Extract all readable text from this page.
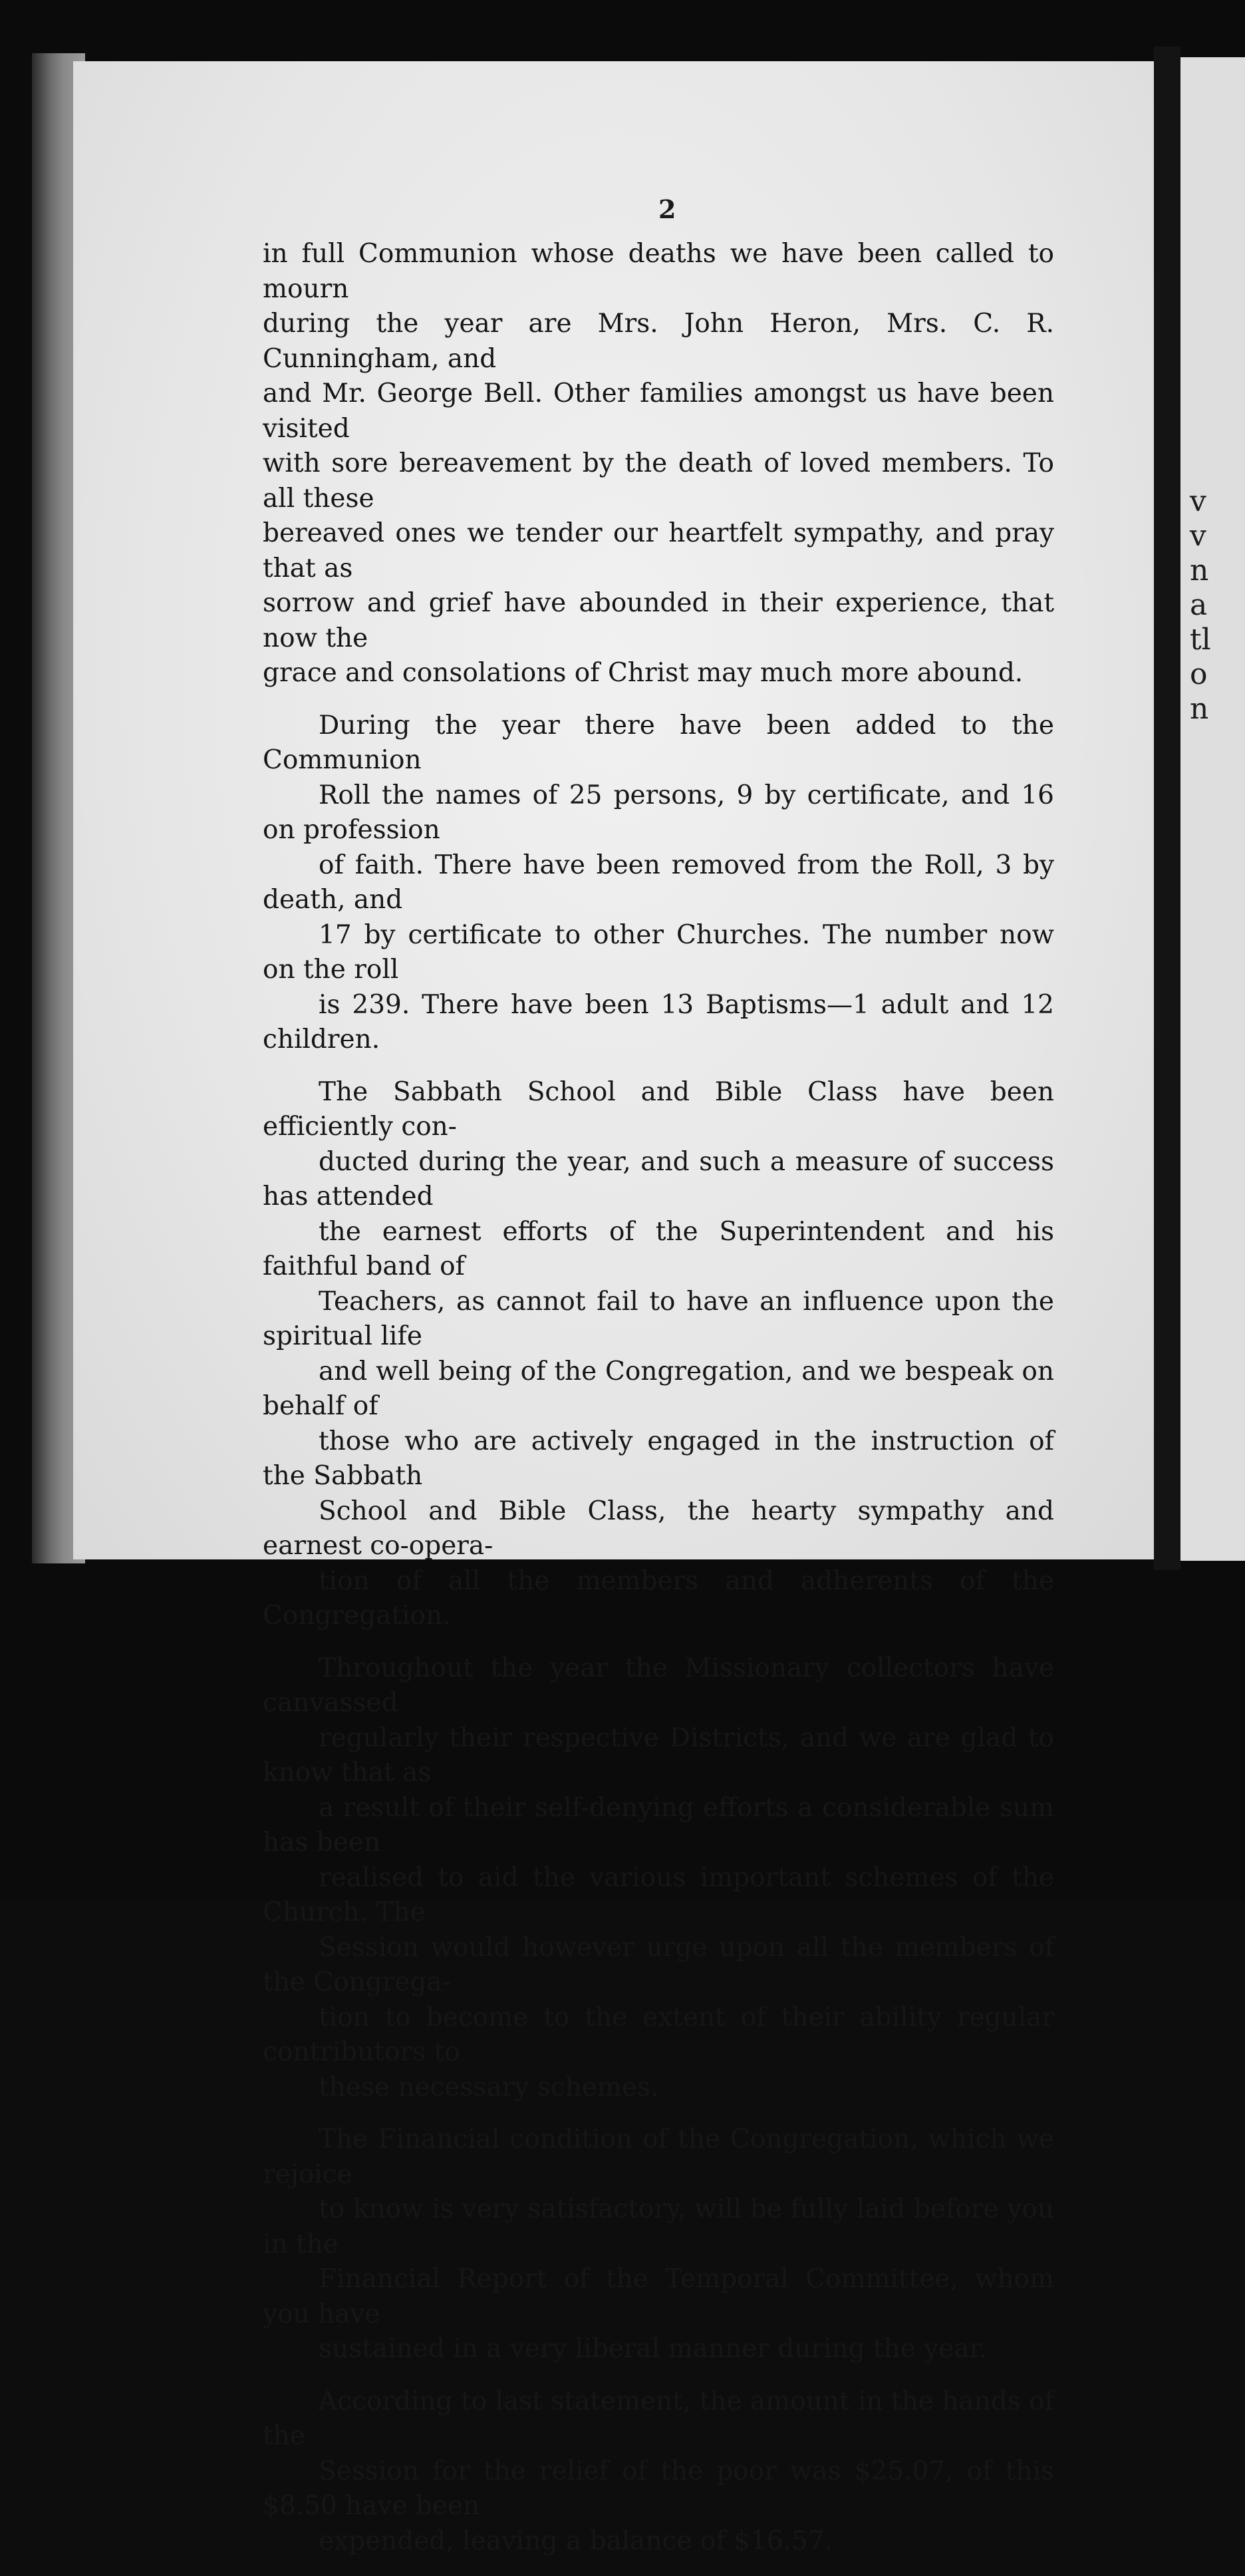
v
v
n
a
tl
o
n
2

in full Communion whose deaths we have been called to mourn
during the year are Mrs. John Heron, Mrs. C. R. Cunningham, and
and Mr. George Bell. Other families amongst us have been visited
with sore bereavement by the death of loved members. To all these
bereaved ones we tender our heartfelt sympathy, and pray that as
sorrow and grief have abounded in their experience, that now the
grace and consolations of Christ may much more abound.

During the year there have been added to the Communion
Roll the names of 25 persons, 9 by certificate, and 16 on profession
of faith. There have been removed from the Roll, 3 by death, and
17 by certificate to other Churches. The number now on the roll
is 239. There have been 13 Baptisms—1 adult and 12 children.

The Sabbath School and Bible Class have been efficiently con-
ducted during the year, and such a measure of success has attended
the earnest efforts of the Superintendent and his faithful band of
Teachers, as cannot fail to have an influence upon the spiritual life
and well being of the Congregation, and we bespeak on behalf of
those who are actively engaged in the instruction of the Sabbath
School and Bible Class, the hearty sympathy and earnest co-opera-
tion of all the members and adherents of the Congregation.

Throughout the year the Missionary collectors have canvassed
regularly their respective Districts, and we are glad to know that as
a result of their self-denying efforts a considerable sum has been
realised to aid the various important schemes of the Church. The
Session would however urge upon all the members of the Congrega-
tion to become to the extent of their ability regular contributors to
these necessary schemes.

The Financial condition of the Congregation, which we rejoice
to know is very satisfactory, will be fully laid before you in the
Financial Report of the Temporal Committee, whom you have
sustained in a very liberal manner during the year.

According to last statement, the amount in the hands of the
Session for the relief of the poor was $25.07, of this $8.50 have been
expended, leaving a balance of $16.57.
